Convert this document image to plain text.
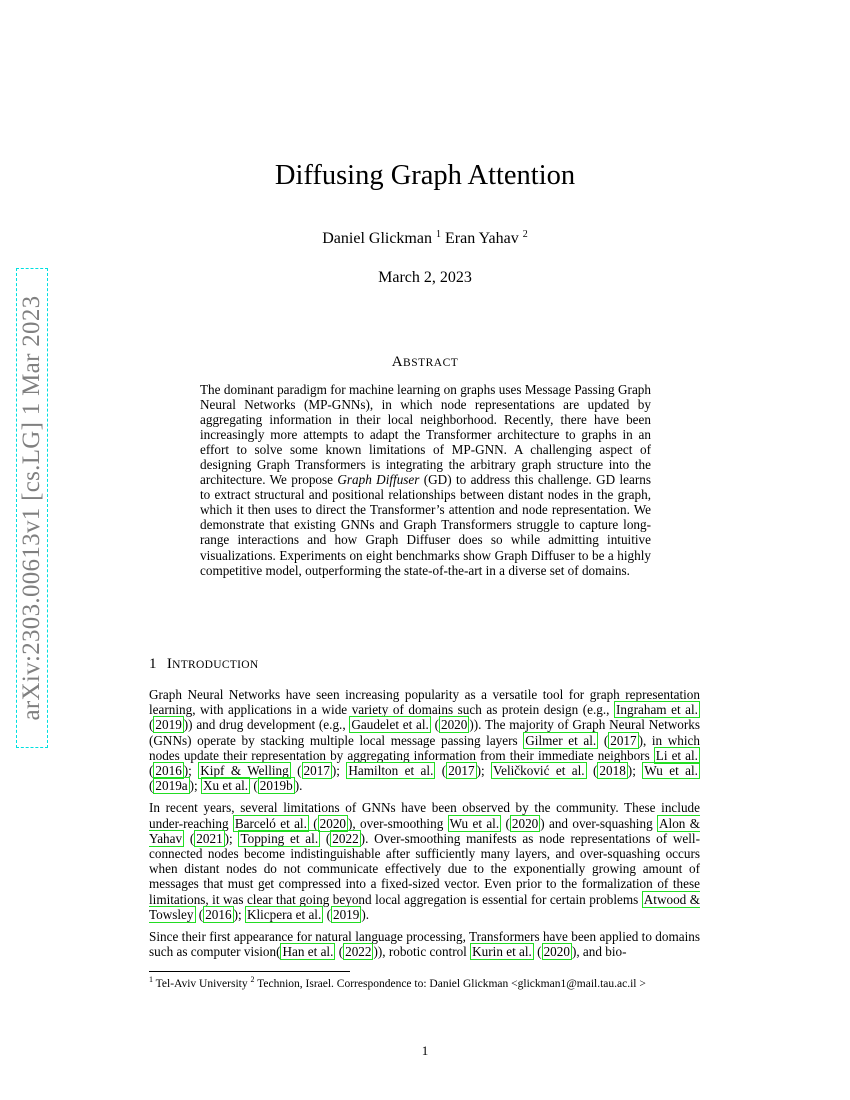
arXiv:2303.00613v1 [cs.LG] 1 Mar 2023
Diffusing Graph Attention
Daniel Glickman $^1$ Eran Yahav $^2$
March 2, 2023
ABSTRACT
The dominant paradigm for machine learning on graphs uses Message Passing Graph Neural Networks (MP-GNNs), in which node representations are updated by aggregating information in their local neighborhood. Recently, there have been increasingly more attempts to adapt the Transformer architecture to graphs in an effort to solve some known limitations of MP-GNN. A challenging aspect of designing Graph Transformers is integrating the arbitrary graph structure into the architecture. We propose Graph Diffuser (GD) to address this challenge. GD learns to extract structural and positional relationships between distant nodes in the graph, which it then uses to direct the Transformer’s attention and node representation. We demonstrate that existing GNNs and Graph Transformers struggle to capture long-range interactions and how Graph Diffuser does so while admitting intuitive visualizations. Experiments on eight benchmarks show Graph Diffuser to be a highly competitive model, outperforming the state-of-the-art in a diverse set of domains.
1 INTRODUCTION

Graph Neural Networks have seen increasing popularity as a versatile tool for graph representation learning, with applications in a wide variety of domains such as protein design (e.g., Ingraham et al. ( 2019 )) and drug development (e.g., Gaudelet et al. ( 2020 )). The majority of Graph Neural Networks (GNNs) operate by stacking multiple local message passing layers Gilmer et al. ( 2017 ), in which nodes update their representation by aggregating information from their immediate neighbors Li et al. ( 2016 ); Kipf & Welling ( 2017 ); Hamilton et al. ( 2017 ); Veličković et al. ( 2018 ); Wu et al. ( 2019a ); Xu et al. ( 2019b ).

In recent years, several limitations of GNNs have been observed by the community. These include under-reaching Barceló et al. ( 2020 ), over-smoothing Wu et al. ( 2020 ) and over-squashing Alon & Yahav ( 2021 ); Topping et al. ( 2022 ). Over-smoothing manifests as node representations of well-connected nodes become indistinguishable after sufficiently many layers, and over-squashing occurs when distant nodes do not communicate effectively due to the exponentially growing amount of messages that must get compressed into a fixed-sized vector. Even prior to the formalization of these limitations, it was clear that going beyond local aggregation is essential for certain problems Atwood & Towsley ( 2016 ); Klicpera et al. ( 2019 ).

Since their first appearance for natural language processing, Transformers have been applied to domains such as computer vision( Han et al. ( 2022 )), robotic control Kurin et al. ( 2020 ), and bio-

$^1$ Tel-Aviv University $^2$ Technion, Israel. Correspondence to: Daniel Glickman <glickman1@mail.tau.ac.il >
1
